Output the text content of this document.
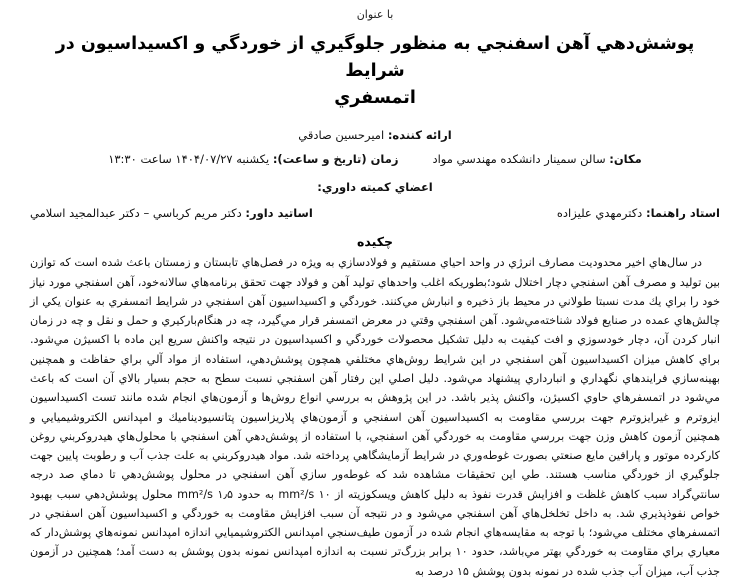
با عنوان
پوشش‌دهي آهن اسفنجي به منظور جلوگيري از خوردگي و اكسيداسيون در شرايط
اتمسفري
ارائه كننده: اميرحسين صادقي
مكان: سالن سمينار دانشكده مهندسي مواد
زمان (تاريخ و ساعت): يكشنبه ۱۴۰۴/۰۷/۲۷ ساعت ۱۳:۳۰
اعضاي كميته داوري:
استاد راهنما: دكترمهدي عليزاده
اساتيد داور: دكتر مريم كرباسي – دكتر عبدالمجيد اسلامي
چكيده

در سال‌هاي اخير محدوديت مصارف انرژي در واحد احياي مستقيم و فولادسازي به ويژه در فصل‌هاي تابستان و زمستان باعث شده است كه توازن بين توليد و مصرف آهن اسفنجي دچار اختلال شود؛بطوريكه اغلب واحدهاي توليد آهن و فولاد جهت تحقق برنامه‌هاي سالانه‌خود، آهن اسفنجي مورد نياز خود را براي يك مدت نسبتا طولاني در محيط باز ذخيره و انبارش مي‌كنند. خوردگي و اكسيداسيون آهن اسفنجي در شرايط اتمسفري به عنوان يكي از چالش‌هاي عمده در صنايع فولاد شناخته‌مي‌شود. آهن اسفنجي وقتي در معرض اتمسفر قرار مي‌گيرد، چه در هنگام‌باركيري و حمل و نقل و چه در زمان انبار كردن آن، دچار خودسوزي و افت كيفيت به دليل تشكيل محصولات خوردگي و اكسيداسيون در نتيجه واكنش سريع اين ماده با اكسيژن مي‌شود. براي كاهش ميزان اكسيداسيون آهن اسفنجي در اين شرايط روش‌هاي مختلفي همچون پوشش‌دهي، استفاده از مواد آلي براي حفاظت و همچنين بهينه‌سازي فرايندهاي نگهداري و انبارداري پيشنهاد مي‌شود. دليل اصلي اين رفتار آهن اسفنجي نسبت سطح به حجم بسيار بالاي آن است كه باعث مي‌شود در اتمسفرهاي حاوي اكسيژن، واكنش پذير باشد. در اين پژوهش به بررسي انواع روش‌ها و آزمون‌هاي انجام شده مانند تست اكسيداسيون ايزوترم و غيرايزوترم جهت بررسي مقاومت به اكسيداسيون آهن اسفنجي و آزمون‌هاي پلاريزاسيون پتانسيوديناميك و امپدانس الكتروشيميايي و همچنين آزمون كاهش وزن جهت بررسي مقاومت به خوردگي آهن اسفنجي، با استفاده از پوشش‌دهي آهن اسفنجي با محلول‌هاي هيدروكربني روغن كاركرده موتور و پارافين مايع صنعتي بصورت غوطه‌وري در شرايط آزمايشگاهي پرداخته شد. مواد هيدروكربني به علت جذب آب و رطوبت پايين جهت جلوگيري از خوردگي مناسب هستند. طي اين تحقيقات مشاهده شد كه غوطه‌ور سازي آهن اسفنجي در محلول پوشش‌دهي تا دماي صد درجه سانتي‌گراد سبب كاهش غلظت و افزايش قدرت نفوذ به دليل كاهش ويسكوزيته از ۱۰ mm²/s به حدود ۱٫۵ mm²/s محلول پوشش‌دهي سبب بهبود خواص نفوذپذيري شد. به داخل تخلخل‌هاي آهن اسفنجي مي‌شود و در نتيجه آن سبب افزايش مقاومت به خوردگي و اكسيداسيون آهن اسفنجي در اتمسفرهاي مختلف مي‌شود؛ با توجه به مقايسه‌هاي انجام شده در آزمون طيف‌سنجي امپدانس الكتروشيميايي اندازه امپدانس نمونه‌هاي پوشش‌دار كه معياري براي مقاومت به خوردگي بهتر مي‌باشد، حدود ۱۰ برابر بزرگ‌تر نسبت به اندازه امپدانس نمونه بدون پوشش به دست آمد؛ همچنين در آزمون جذب آب، ميزان آب جذب شده در نمونه بدون پوشش ۱۵ درصد به
